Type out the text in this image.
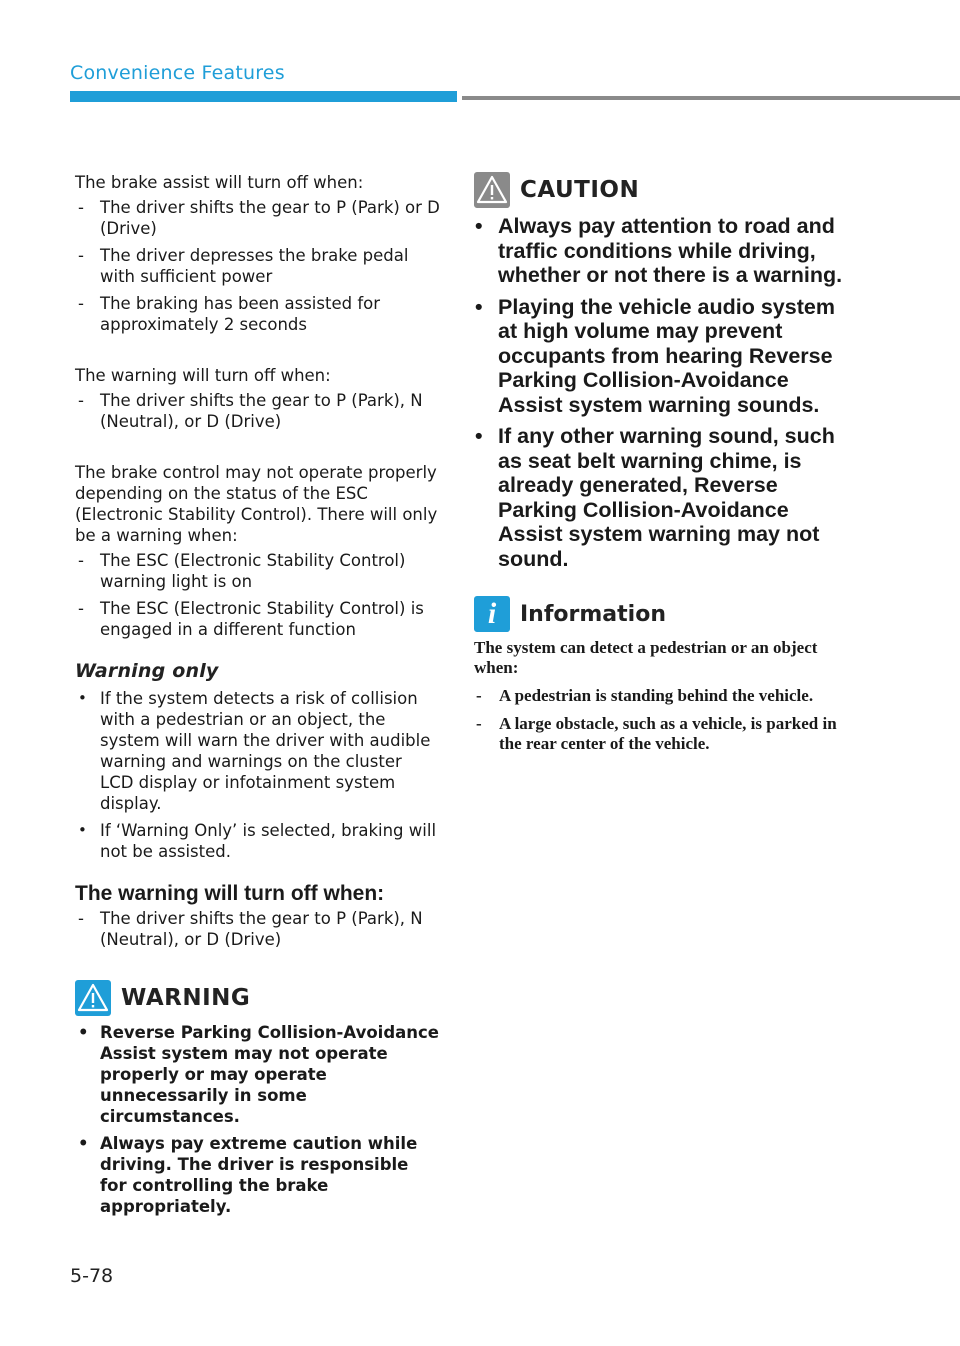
Convenience Features

The brake assist will turn off when:

- The driver shifts the gear to P (Park) or D (Drive)
- The driver depresses the brake pedal with sufficient power
- The braking has been assisted for approximately 2 seconds

The warning will turn off when:

- The driver shifts the gear to P (Park), N (Neutral), or D (Drive)

The brake control may not operate properly depending on the status of the ESC (Electronic Stability Control). There will only be a warning when:

- The ESC (Electronic Stability Control) warning light is on
- The ESC (Electronic Stability Control) is engaged in a different function
Warning only
• If the system detects a risk of collision with a pedestrian or an object, the system will warn the driver with audible warning and warnings on the cluster LCD display or infotainment system display.
• If ‘Warning Only’ is selected, braking will not be assisted.
The warning will turn off when:
- The driver shifts the gear to P (Park), N (Neutral), or D (Drive)
WARNING
• Reverse Parking Collision-Avoidance Assist system may not operate properly or may operate unnecessarily in some circumstances.
• Always pay extreme caution while driving. The driver is responsible for controlling the brake appropriately.
CAUTION
• Always pay attention to road and traffic conditions while driving, whether or not there is a warning.
• Playing the vehicle audio system at high volume may prevent occupants from hearing Reverse Parking Collision-Avoidance Assist system warning sounds.
• If any other warning sound, such as seat belt warning chime, is already generated, Reverse Parking Collision-Avoidance Assist system warning may not sound.
i	Information

The system can detect a pedestrian or an object when:

- A pedestrian is standing behind the vehicle.
- A large obstacle, such as a vehicle, is parked in the rear center of the vehicle.
5-78
